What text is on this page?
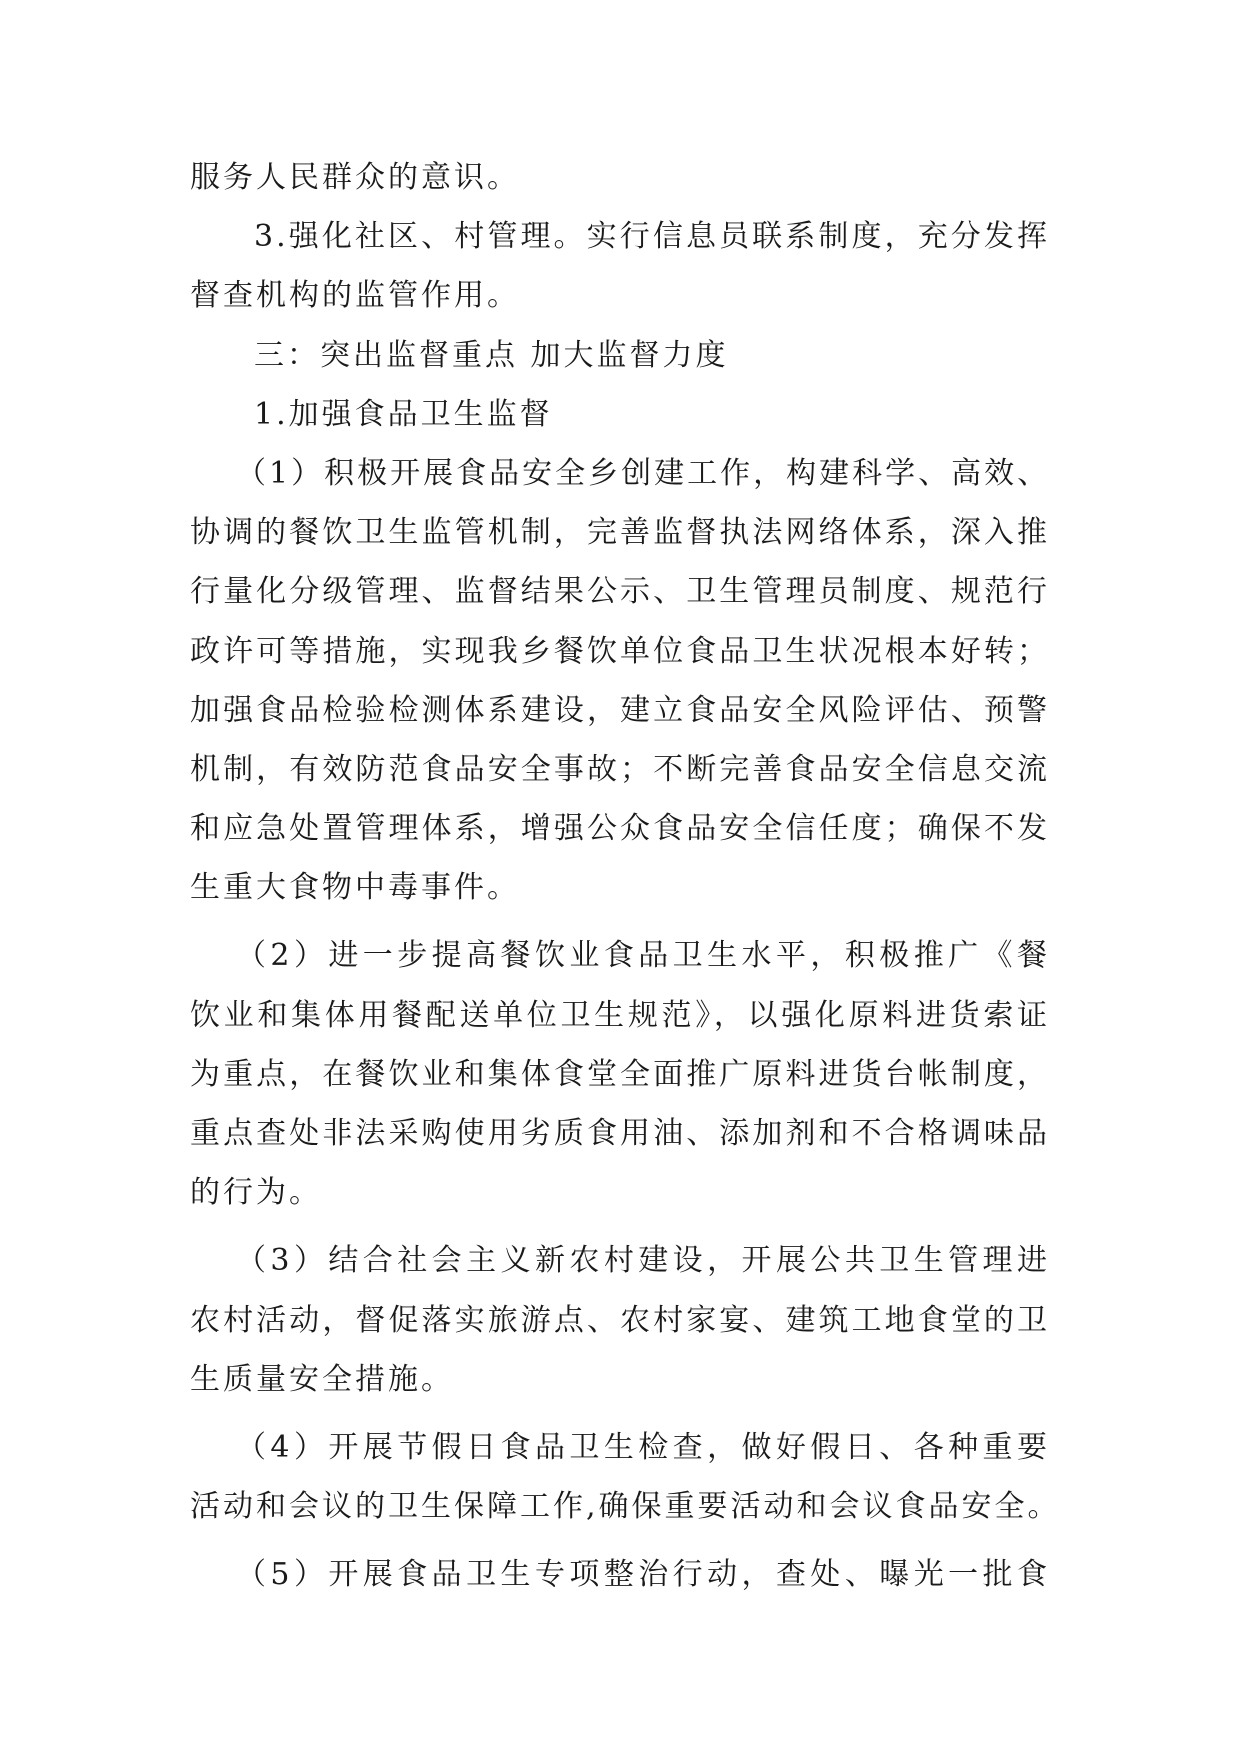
服务人民群众的意识。
3.强化社区、村管理。实行信息员联系制度，充分发挥
督查机构的监管作用。
三：突出监督重点 加大监督力度
1.加强食品卫生监督
（1）积极开展食品安全乡创建工作，构建科学、高效、
协调的餐饮卫生监管机制，完善监督执法网络体系，深入推
行量化分级管理、监督结果公示、卫生管理员制度、规范行
政许可等措施，实现我乡餐饮单位食品卫生状况根本好转；
加强食品检验检测体系建设，建立食品安全风险评估、预警
机制，有效防范食品安全事故；不断完善食品安全信息交流
和应急处置管理体系，增强公众食品安全信任度；确保不发
生重大食物中毒事件。
（2）进一步提高餐饮业食品卫生水平，积极推广《餐
饮业和集体用餐配送单位卫生规范》，以强化原料进货索证
为重点，在餐饮业和集体食堂全面推广原料进货台帐制度，
重点查处非法采购使用劣质食用油、添加剂和不合格调味品
的行为。
（3）结合社会主义新农村建设，开展公共卫生管理进
农村活动，督促落实旅游点、农村家宴、建筑工地食堂的卫
生质量安全措施。
（4）开展节假日食品卫生检查，做好假日、各种重要
活动和会议的卫生保障工作,确保重要活动和会议食品安全。
（5）开展食品卫生专项整治行动，查处、曝光一批食
